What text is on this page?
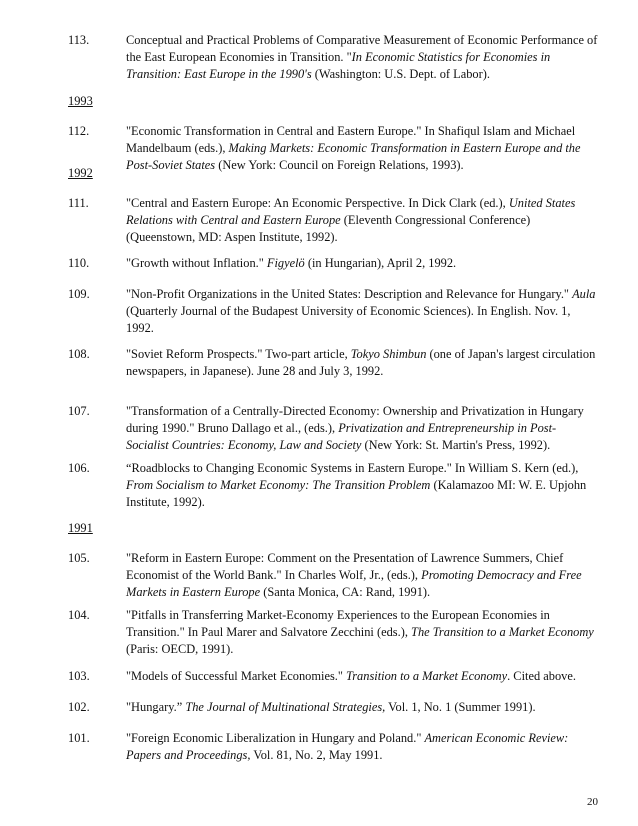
113.	Conceptual and Practical Problems of Comparative Measurement of Economic Performance of the East European Economies in Transition. "In Economic Statistics for Economies in Transition: East Europe in the 1990's (Washington: U.S. Dept. of Labor).
1993
112.	"Economic Transformation in Central and Eastern Europe." In Shafiqul Islam and Michael Mandelbaum (eds.), Making Markets: Economic Transformation in Eastern Europe and the Post-Soviet States (New York: Council on Foreign Relations, 1993).
1992
111.	"Central and Eastern Europe: An Economic Perspective. In Dick Clark (ed.), United States Relations with Central and Eastern Europe (Eleventh Congressional Conference) (Queenstown, MD: Aspen Institute, 1992).
110.	"Growth without Inflation." Figyelö (in Hungarian), April 2, 1992.
109.	"Non-Profit Organizations in the United States: Description and Relevance for Hungary." Aula (Quarterly Journal of the Budapest University of Economic Sciences). In English. Nov. 1, 1992.
108.	"Soviet Reform Prospects." Two-part article, Tokyo Shimbun (one of Japan's largest circulation newspapers, in Japanese). June 28 and July 3, 1992.
107.	"Transformation of a Centrally-Directed Economy: Ownership and Privatization in Hungary during 1990." Bruno Dallago et al., (eds.), Privatization and Entrepreneurship in Post-Socialist Countries: Economy, Law and Society (New York: St. Martin's Press, 1992).
106.	“Roadblocks to Changing Economic Systems in Eastern Europe." In William S. Kern (ed.), From Socialism to Market Economy: The Transition Problem (Kalamazoo MI: W. E. Upjohn Institute, 1992).
1991
105.	"Reform in Eastern Europe: Comment on the Presentation of Lawrence Summers, Chief Economist of the World Bank." In Charles Wolf, Jr., (eds.), Promoting Democracy and Free Markets in Eastern Europe (Santa Monica, CA: Rand, 1991).
104.	"Pitfalls in Transferring Market-Economy Experiences to the European Economies in Transition." In Paul Marer and Salvatore Zecchini (eds.), The Transition to a Market Economy (Paris: OECD, 1991).
103.	"Models of Successful Market Economies." Transition to a Market Economy. Cited above.
102.	"Hungary.” The Journal of Multinational Strategies, Vol. 1, No. 1 (Summer 1991).
101.	"Foreign Economic Liberalization in Hungary and Poland." American Economic Review: Papers and Proceedings, Vol. 81, No. 2, May 1991.
20
